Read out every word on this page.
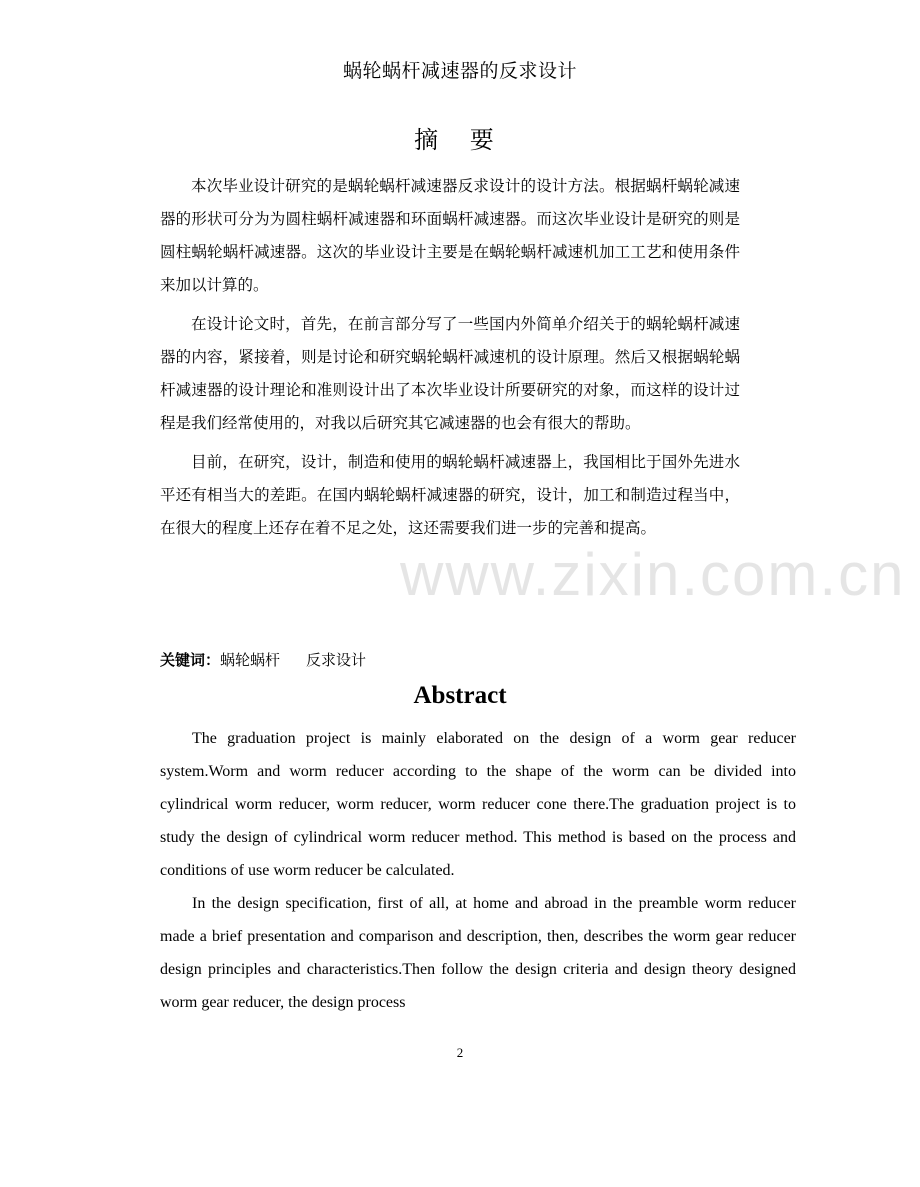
蜗轮蜗杆减速器的反求设计
摘 要

本次毕业设计研究的是蜗轮蜗杆减速器反求设计的设计方法。根据蜗杆蜗轮减速器的形状可分为为圆柱蜗杆减速器和环面蜗杆减速器。而这次毕业设计是研究的则是圆柱蜗轮蜗杆减速器。这次的毕业设计主要是在蜗轮蜗杆减速机加工工艺和使用条件来加以计算的。

在设计论文时，首先，在前言部分写了一些国内外简单介绍关于的蜗轮蜗杆减速器的内容，紧接着，则是讨论和研究蜗轮蜗杆减速机的设计原理。然后又根据蜗轮蜗杆减速器的设计理论和准则设计出了本次毕业设计所要研究的对象，而这样的设计过程是我们经常使用的，对我以后研究其它减速器的也会有很大的帮助。

目前，在研究，设计，制造和使用的蜗轮蜗杆减速器上，我国相比于国外先进水平还有相当大的差距。在国内蜗轮蜗杆减速器的研究，设计，加工和制造过程当中，在很大的程度上还存在着不足之处，这还需要我们进一步的完善和提高。

关键词：蜗轮蜗杆 反求设计
Abstract

The graduation project is mainly elaborated on the design of a worm gear reducer system.Worm and worm reducer according to the shape of the worm can be divided into cylindrical worm reducer, worm reducer, worm reducer cone there.The graduation project is to study the design of cylindrical worm reducer method. This method is based on the process and conditions of use worm reducer be calculated.

In the design specification, first of all, at home and abroad in the preamble worm reducer made a brief presentation and comparison and description, then, describes the worm gear reducer design principles and characteristics.Then follow the design criteria and design theory designed worm gear reducer, the design process

www.zixin.com.cn
2
